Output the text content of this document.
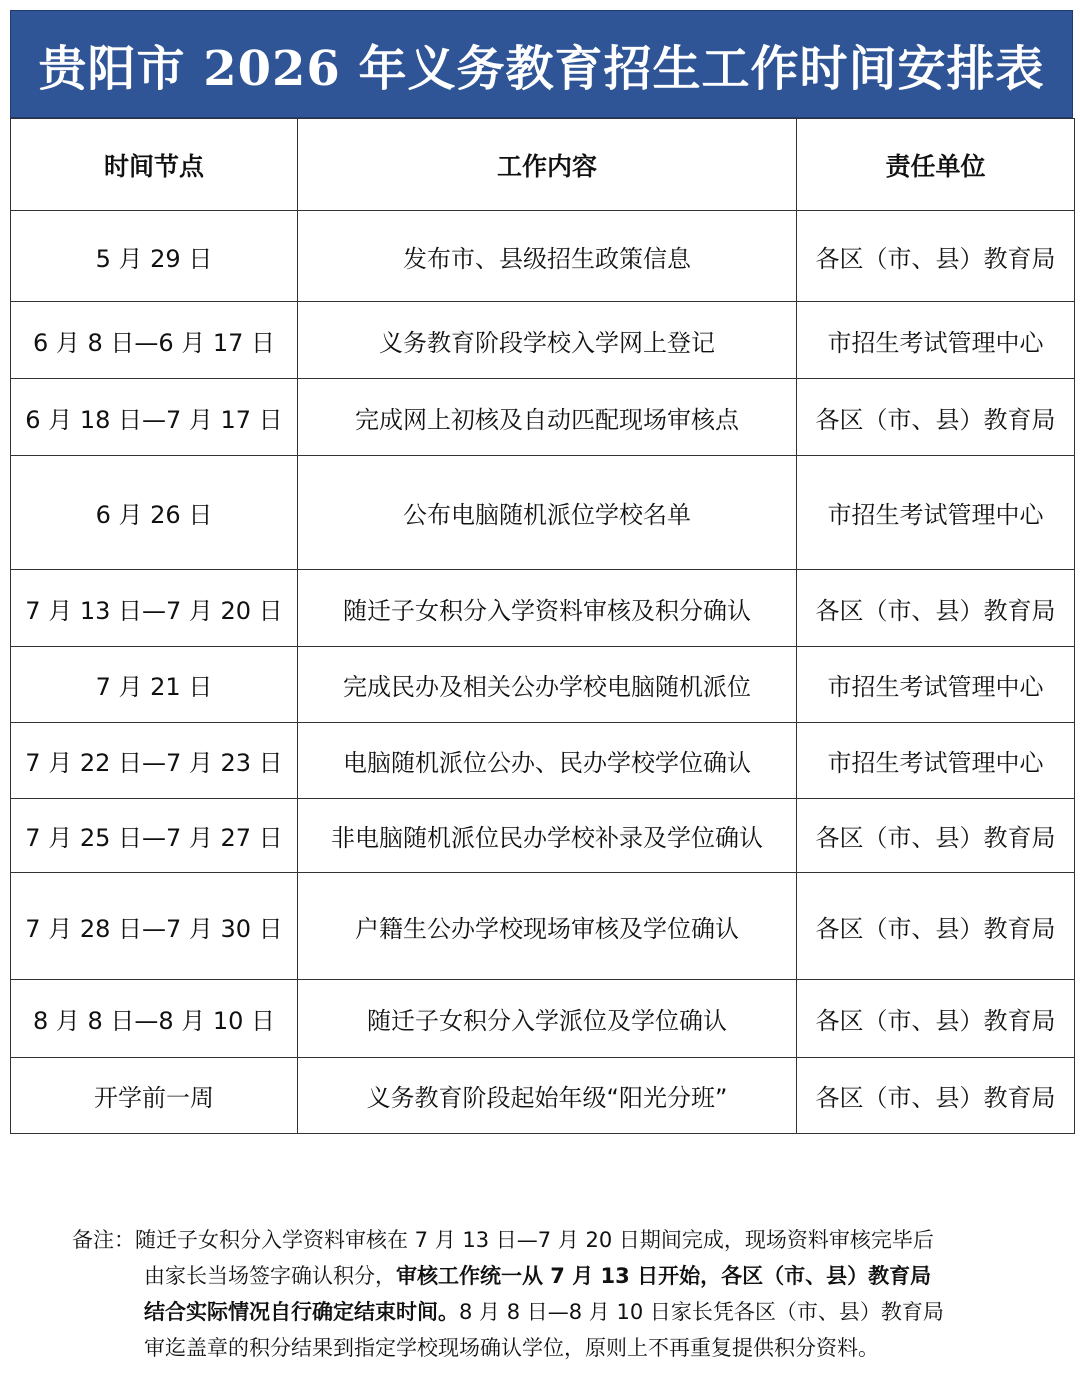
贵阳市 2026 年义务教育招生工作时间安排表
时间节点	工作内容	责任单位
5 月 29 日	发布市、县级招生政策信息	各区（市、县）教育局
6 月 8 日—6 月 17 日	义务教育阶段学校入学网上登记	市招生考试管理中心
6 月 18 日—7 月 17 日	完成网上初核及自动匹配现场审核点	各区（市、县）教育局
6 月 26 日	公布电脑随机派位学校名单	市招生考试管理中心
7 月 13 日—7 月 20 日	随迁子女积分入学资料审核及积分确认	各区（市、县）教育局
7 月 21 日	完成民办及相关公办学校电脑随机派位	市招生考试管理中心
7 月 22 日—7 月 23 日	电脑随机派位公办、民办学校学位确认	市招生考试管理中心
7 月 25 日—7 月 27 日	非电脑随机派位民办学校补录及学位确认	各区（市、县）教育局
7 月 28 日—7 月 30 日	户籍生公办学校现场审核及学位确认	各区（市、县）教育局
8 月 8 日—8 月 10 日	随迁子女积分入学派位及学位确认	各区（市、县）教育局
开学前一周	义务教育阶段起始年级“阳光分班”	各区（市、县）教育局
备注：随迁子女积分入学资料审核在 7 月 13 日—7 月 20 日期间完成，现场资料审核完毕后
由家长当场签字确认积分，审核工作统一从 7 月 13 日开始，各区（市、县）教育局
结合实际情况自行确定结束时间。8 月 8 日—8 月 10 日家长凭各区（市、县）教育局
审迄盖章的积分结果到指定学校现场确认学位，原则上不再重复提供积分资料。
